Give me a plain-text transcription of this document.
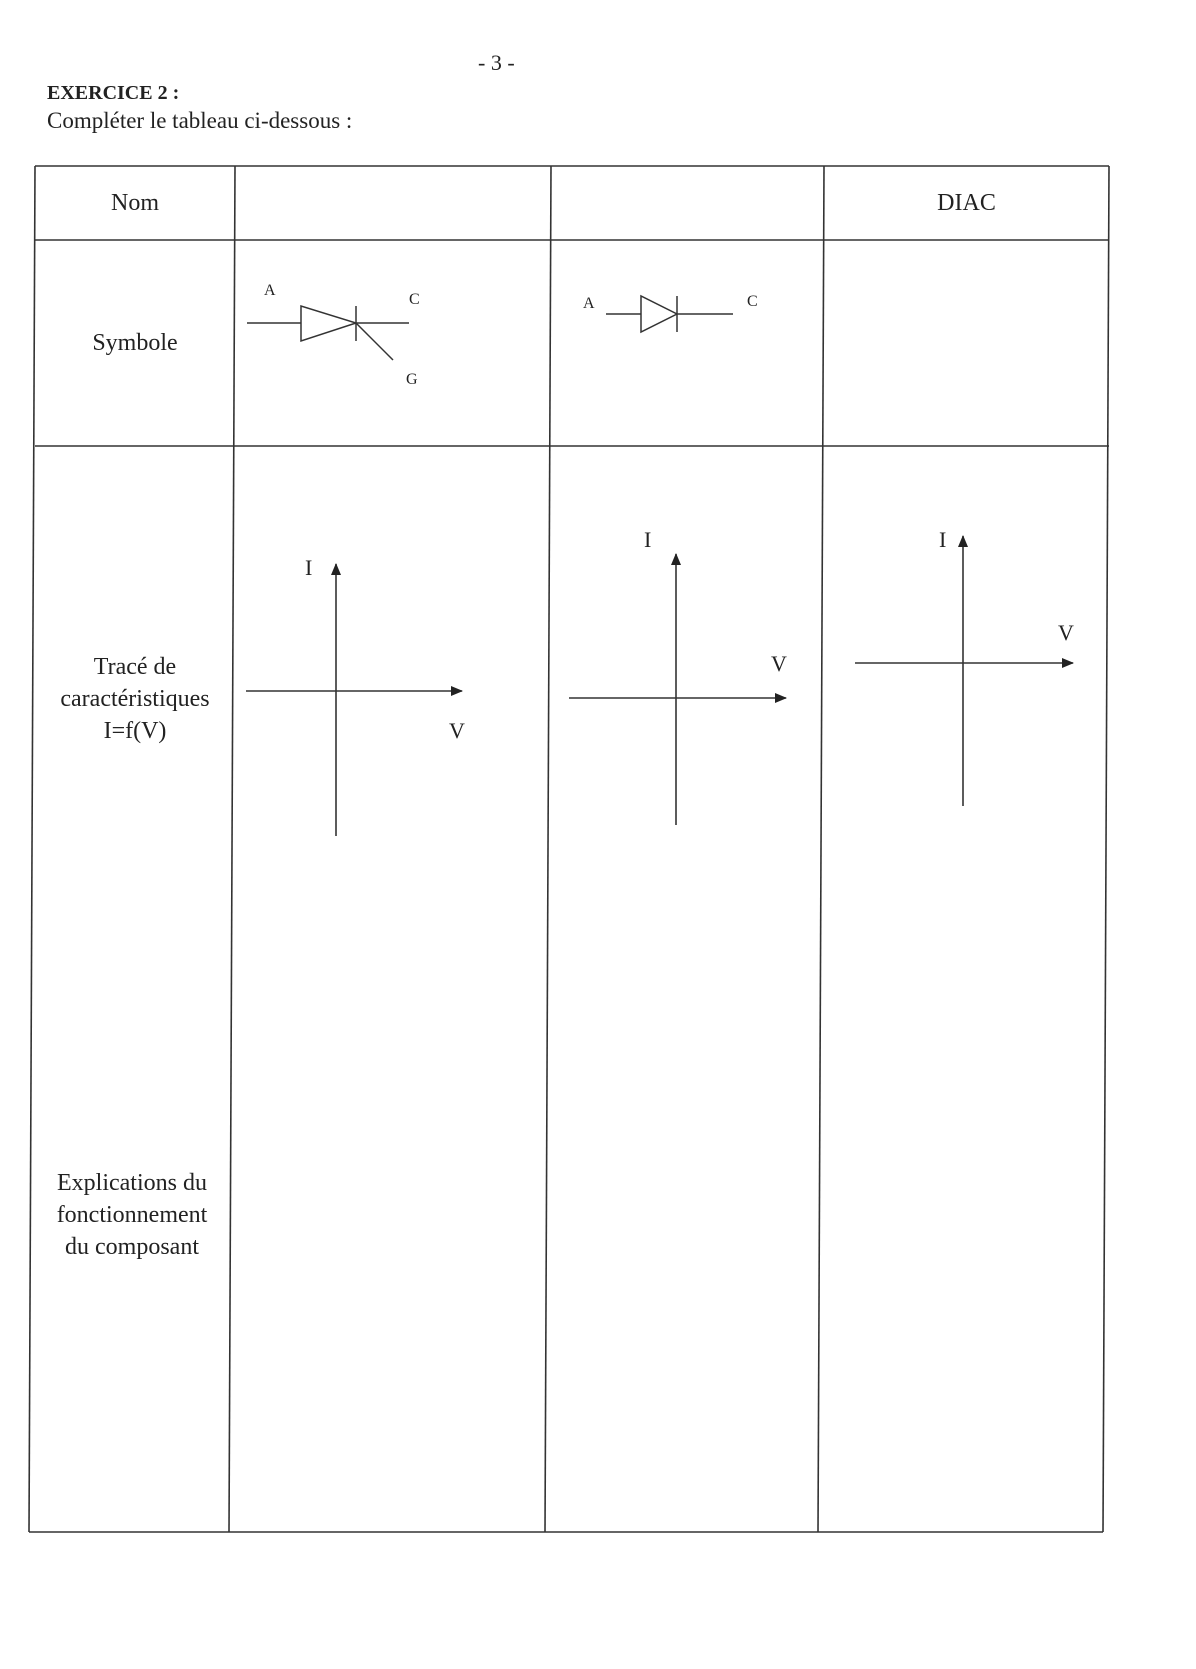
- 3 -
EXERCICE 2 :
Compléter le tableau ci-dessous :
Nom
Symbole
Tracé de
caractéristiques
I=f(V)
Explications du
fonctionnement
du composant
DIAC
A
C
G
A	C
I
V
I
V
I
V
